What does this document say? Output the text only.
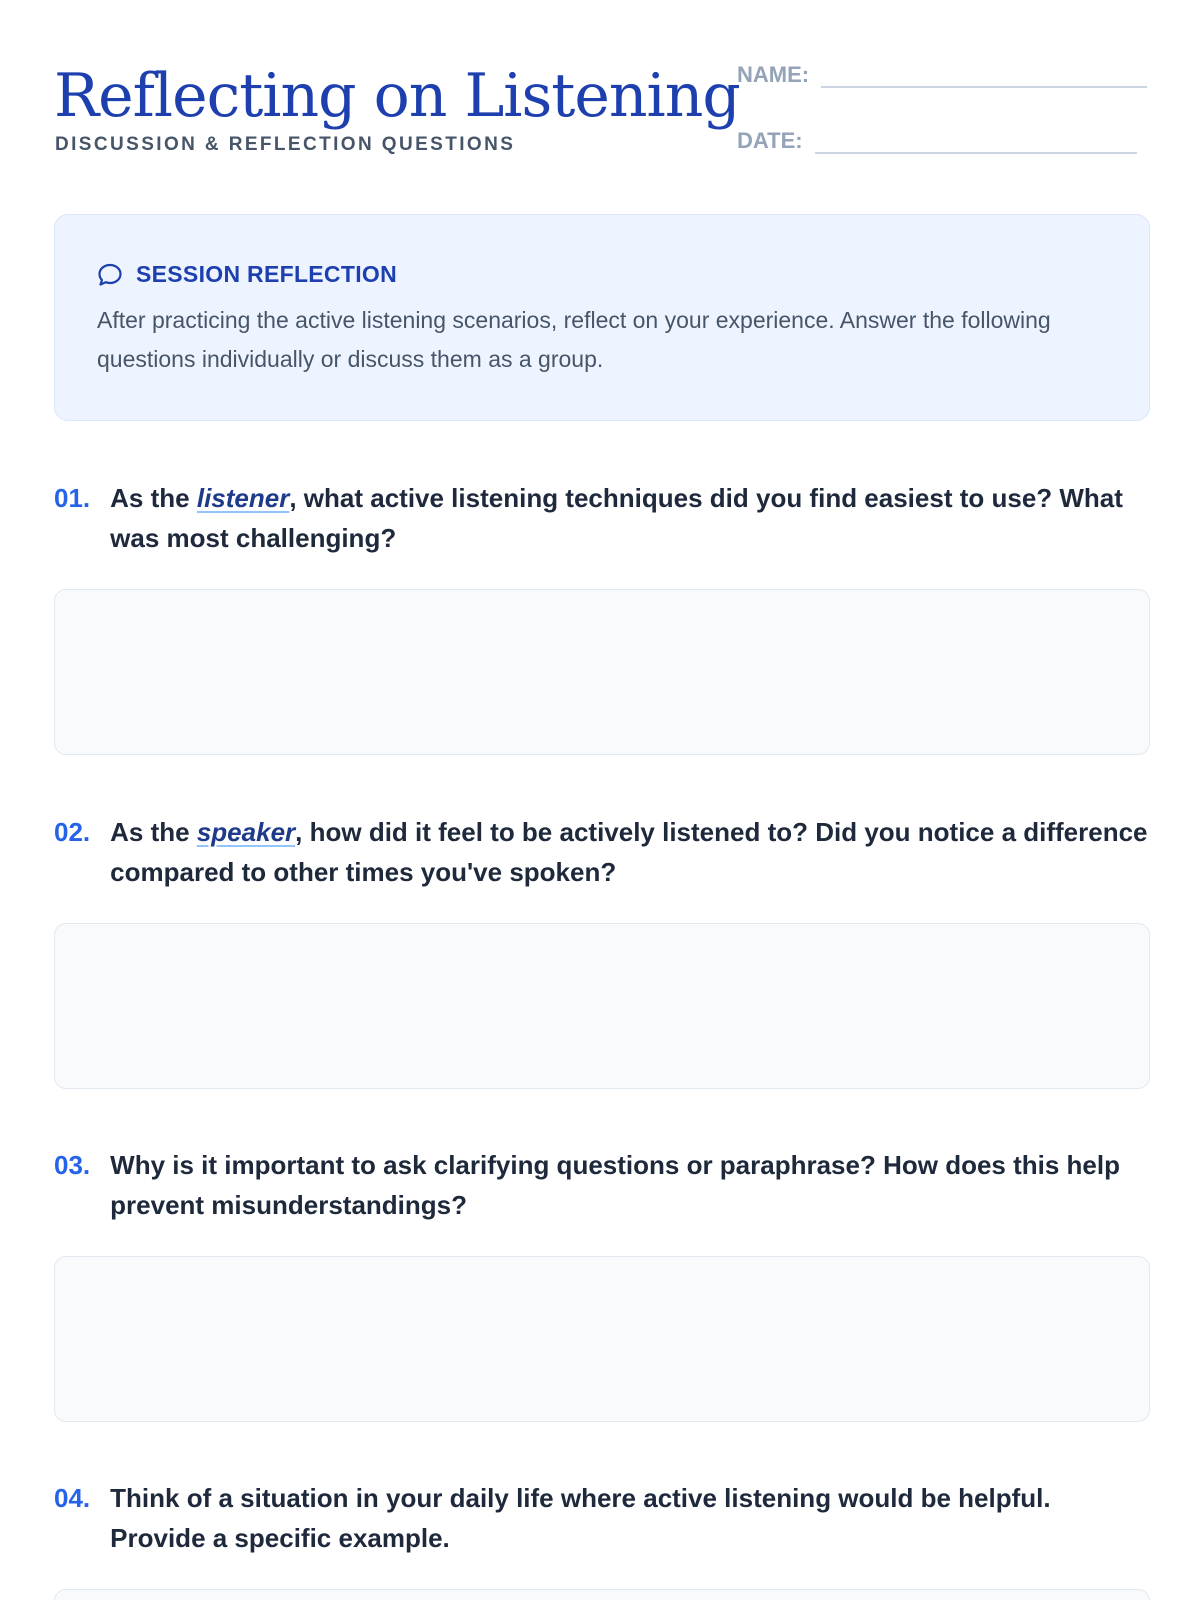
Reflecting on Listening
DISCUSSION & REFLECTION QUESTIONS
NAME:
DATE:
SESSION REFLECTION

After practicing the active listening scenarios, reflect on your experience. Answer the following questions individually or discuss them as a group.

01. As the listener, what active listening techniques did you find easiest to use? What was most challenging?
02. As the speaker, how did it feel to be actively listened to? Did you notice a difference compared to other times you've spoken?
03. Why is it important to ask clarifying questions or paraphrase? How does this help prevent misunderstandings?
04. Think of a situation in your daily life where active listening would be helpful. Provide a specific example.
